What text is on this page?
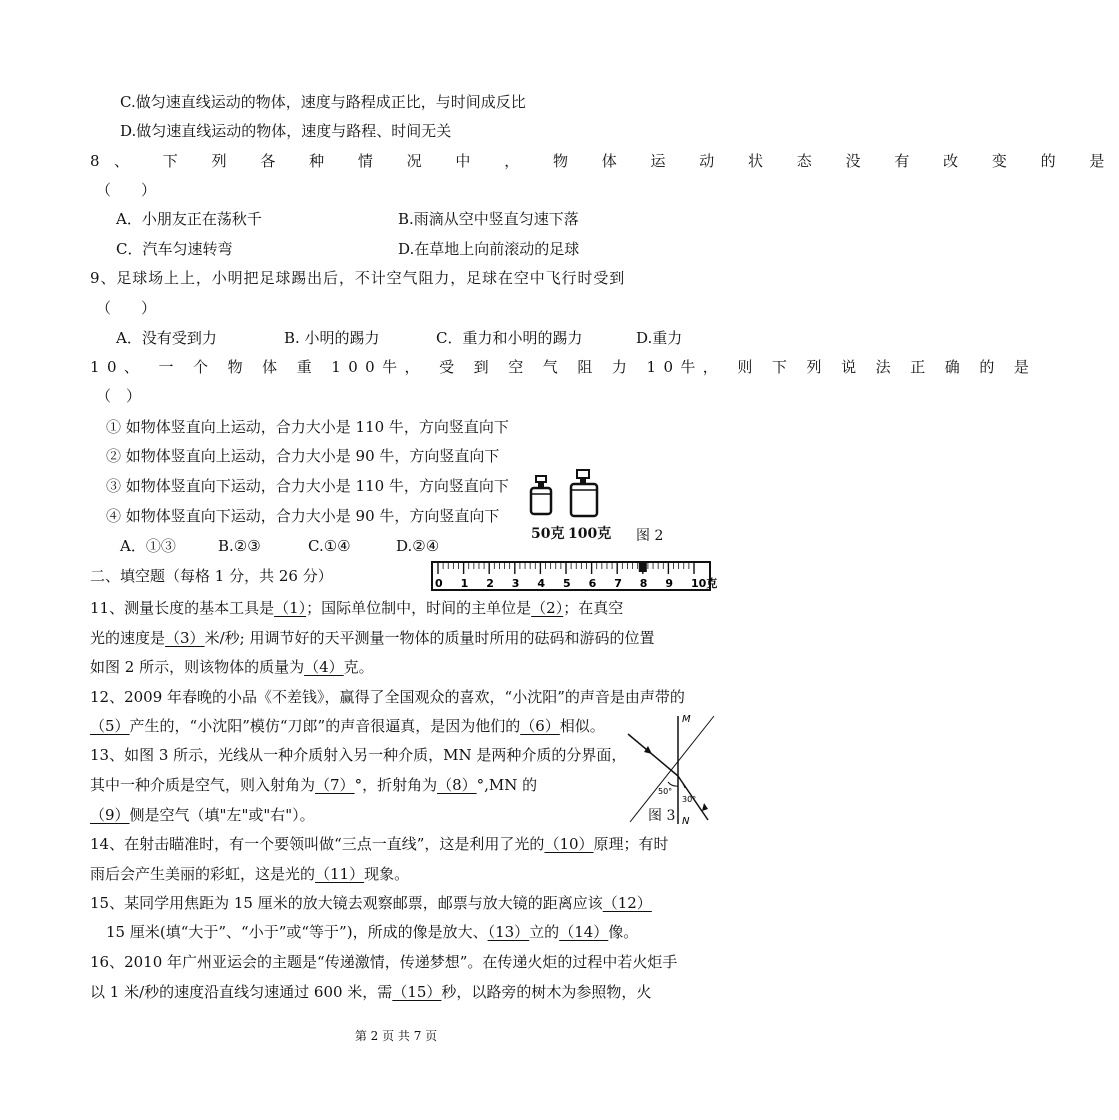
C.做匀速直线运动的物体，速度与路程成正比，与时间成反比
D.做匀速直线运动的物体，速度与路程、时间无关
8、 下 列 各 种 情 况 中 ， 物 体 运 动 状 态 没 有 改 变 的 是
（　　）
A．小朋友正在荡秋千	B.雨滴从空中竖直匀速下落
C．汽车匀速转弯	D.在草地上向前滚动的足球
9、足球场上上，小明把足球踢出后，不计空气阻力，足球在空中飞行时受到
（　　）
A．没有受到力	B. 小明的踢力	C．重力和小明的踢力	D.重力
10、 一 个 物 体 重 100牛， 受 到 空 气 阻 力 10牛， 则 下 列 说 法 正 确 的 是
（　）
① 如物体竖直向上运动，合力大小是 110 牛，方向竖直向下
② 如物体竖直向上运动，合力大小是 90 牛，方向竖直向下
③ 如物体竖直向下运动，合力大小是 110 牛，方向竖直向下
④ 如物体竖直向下运动，合力大小是 90 牛，方向竖直向下
A．①③	B.②③	C.①④	D.②④
50克 100克 图 2
二、填空题（每格 1 分，共 26 分）	0 1 2 3 4 5 6 7 8 9 10克
11、测量长度的基本工具是（1）；国际单位制中，时间的主单位是（2）；在真空
光的速度是（3）米/秒; 用调节好的天平测量一物体的质量时所用的砝码和游码的位置
如图 2 所示，则该物体的质量为（4）克。
12、2009 年春晚的小品《不差钱》，赢得了全国观众的喜欢，“小沈阳”的声音是由声带的
（5）产生的，“小沈阳”模仿“刀郎”的声音很逼真，是因为他们的（6）相似。	M
N
50°
30°
图 3
13、如图 3 所示，光线从一种介质射入另一种介质，MN 是两种介质的分界面，
其中一种介质是空气，则入射角为（7）°，折射角为（8）°,MN 的
（9）侧是空气（填"左"或"右"）。
14、在射击瞄准时，有一个要领叫做“三点一直线”，这是利用了光的（10）原理；有时
雨后会产生美丽的彩虹，这是光的（11）现象。
15、某同学用焦距为 15 厘米的放大镜去观察邮票，邮票与放大镜的距离应该（12）
15 厘米(填“大于”、“小于”或“等于”)，所成的像是放大、（13）立的（14）像。
16、2010 年广州亚运会的主题是“传递激情，传递梦想”。在传递火炬的过程中若火炬手
以 1 米/秒的速度沿直线匀速通过 600 米，需（15）秒，以路旁的树木为参照物，火
第 2 页 共 7 页
